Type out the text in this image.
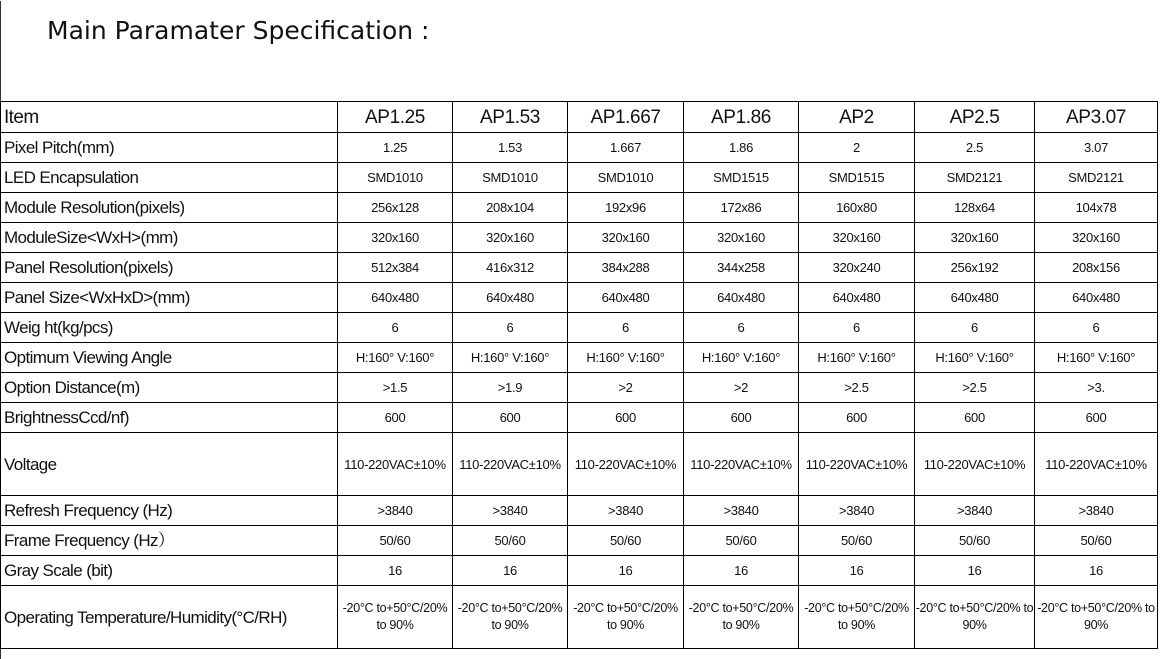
Main Paramater Specification :
Item	AP1.25	AP1.53	AP1.667	AP1.86	AP2	AP2.5	AP3.07
Pixel Pitch(mm)	1.25	1.53	1.667	1.86	2	2.5	3.07
LED Encapsulation	SMD1010	SMD1010	SMD1010	SMD1515	SMD1515	SMD2121	SMD2121
Module Resolution(pixels)	256x128	208x104	192x96	172x86	160x80	128x64	104x78
ModuleSize<WxH>(mm)	320x160	320x160	320x160	320x160	320x160	320x160	320x160
Panel Resolution(pixels)	512x384	416x312	384x288	344x258	320x240	256x192	208x156
Panel Size<WxHxD>(mm)	640x480	640x480	640x480	640x480	640x480	640x480	640x480
Weig ht(kg/pcs)	6	6	6	6	6	6	6
Optimum Viewing Angle	H:160° V:160°	H:160° V:160°	H:160° V:160°	H:160° V:160°	H:160° V:160°	H:160° V:160°	H:160° V:160°
Option Distance(m)	>1.5	>1.9	>2	>2	>2.5	>2.5	>3.
BrightnessCcd/nf)	600	600	600	600	600	600	600
Voltage	110-220VAC±10%	110-220VAC±10%	110-220VAC±10%	110-220VAC±10%	110-220VAC±10%	110-220VAC±10%	110-220VAC±10%
Refresh Frequency (Hz)	>3840	>3840	>3840	>3840	>3840	>3840	>3840
Frame Frequency (Hz）	50/60	50/60	50/60	50/60	50/60	50/60	50/60
Gray Scale (bit)	16	16	16	16	16	16	16
Operating Temperature/Humidity(°C/RH)	-20°C to+50°C/20% to 90%	-20°C to+50°C/20% to 90%	-20°C to+50°C/20% to 90%	-20°C to+50°C/20% to 90%	-20°C to+50°C/20% to 90%	-20°C to+50°C/20% to 90%	-20°C to+50°C/20% to 90%
